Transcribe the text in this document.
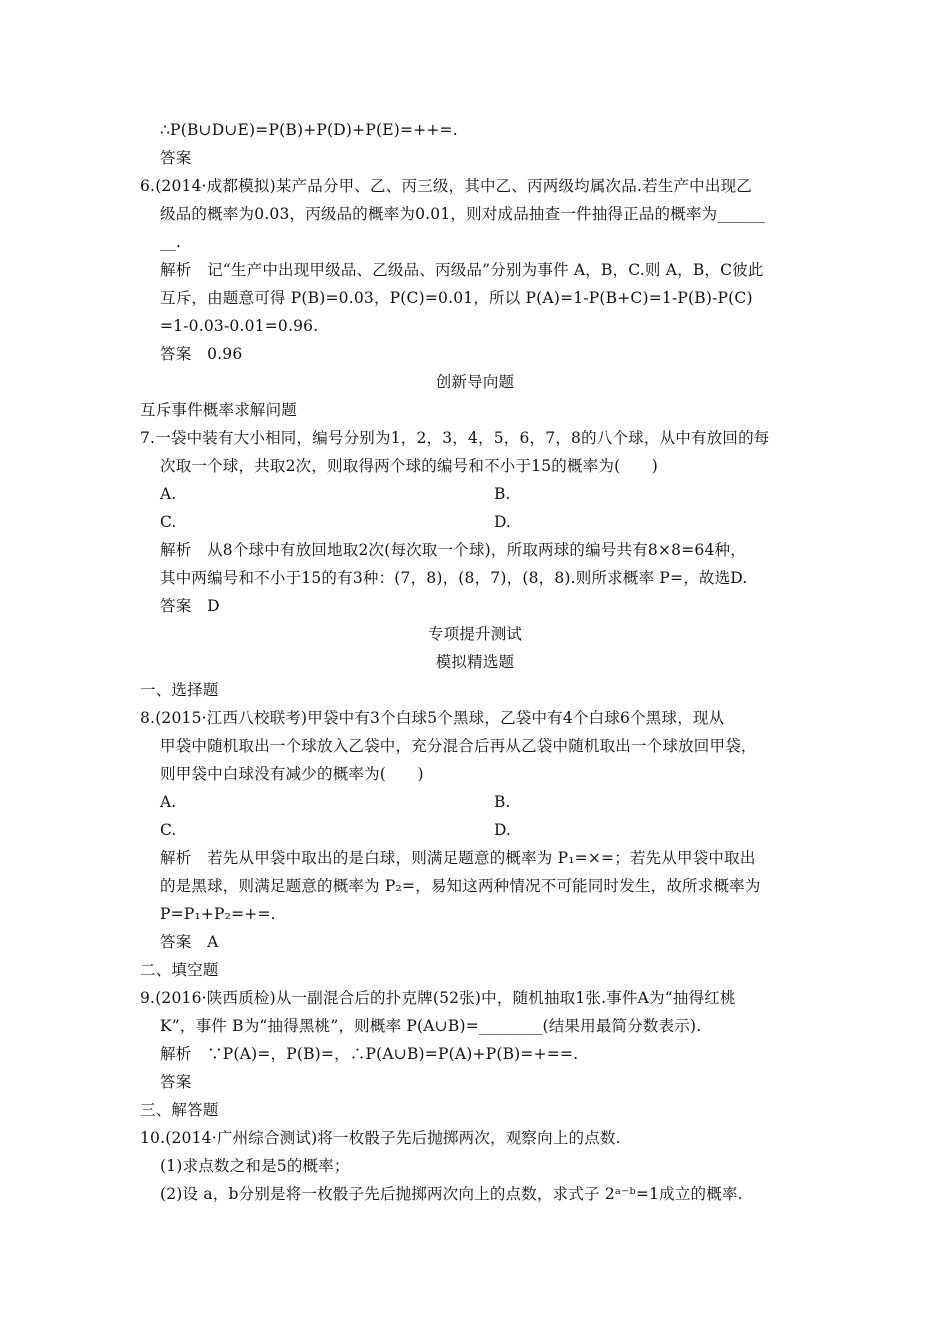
∴P(B∪D∪E)=P(B)+P(D)+P(E)=++=.
答案
6.(2014·成都模拟)某产品分甲、乙、丙三级，其中乙、丙两级均属次品.若生产中出现乙
级品的概率为0.03，丙级品的概率为0.01，则对成品抽查一件抽得正品的概率为______
__.
解析　记“生产中出现甲级品、乙级品、丙级品”分别为事件 A，B，C.则 A，B，C彼此
互斥，由题意可得 P(B)=0.03，P(C)=0.01，所以 P(A)=1-P(B+C)=1-P(B)-P(C)
=1-0.03-0.01=0.96.
答案　0.96
创新导向题
互斥事件概率求解问题
7.一袋中装有大小相同，编号分别为1，2，3，4，5，6，7，8的八个球，从中有放回的每
次取一个球，共取2次，则取得两个球的编号和不小于15的概率为(　　)
A.	B.
C.	D.
解析　从8个球中有放回地取2次(每次取一个球)，所取两球的编号共有8×8=64种，
其中两编号和不小于15的有3种：(7，8)，(8，7)，(8，8).则所求概率 P=，故选D.
答案　D
专项提升测试
模拟精选题
一、选择题
8.(2015·江西八校联考)甲袋中有3个白球5个黑球，乙袋中有4个白球6个黑球，现从
甲袋中随机取出一个球放入乙袋中，充分混合后再从乙袋中随机取出一个球放回甲袋，
则甲袋中白球没有减少的概率为(　　)
A.	B.
C.	D.
解析　若先从甲袋中取出的是白球，则满足题意的概率为 P₁=×=；若先从甲袋中取出
的是黑球，则满足题意的概率为 P₂=，易知这两种情况不可能同时发生，故所求概率为
P=P₁+P₂=+=.
答案　A
二、填空题
9.(2016·陕西质检)从一副混合后的扑克牌(52张)中，随机抽取1张.事件A为“抽得红桃
K”，事件 B为“抽得黑桃”，则概率 P(A∪B)=________(结果用最简分数表示).
解析　∵P(A)=，P(B)=，∴P(A∪B)=P(A)+P(B)=+==.
答案
三、解答题
10.(2014·广州综合测试)将一枚骰子先后抛掷两次，观察向上的点数.
(1)求点数之和是5的概率；
(2)设 a，b分别是将一枚骰子先后抛掷两次向上的点数，求式子 2ᵃ⁻ᵇ=1成立的概率.
